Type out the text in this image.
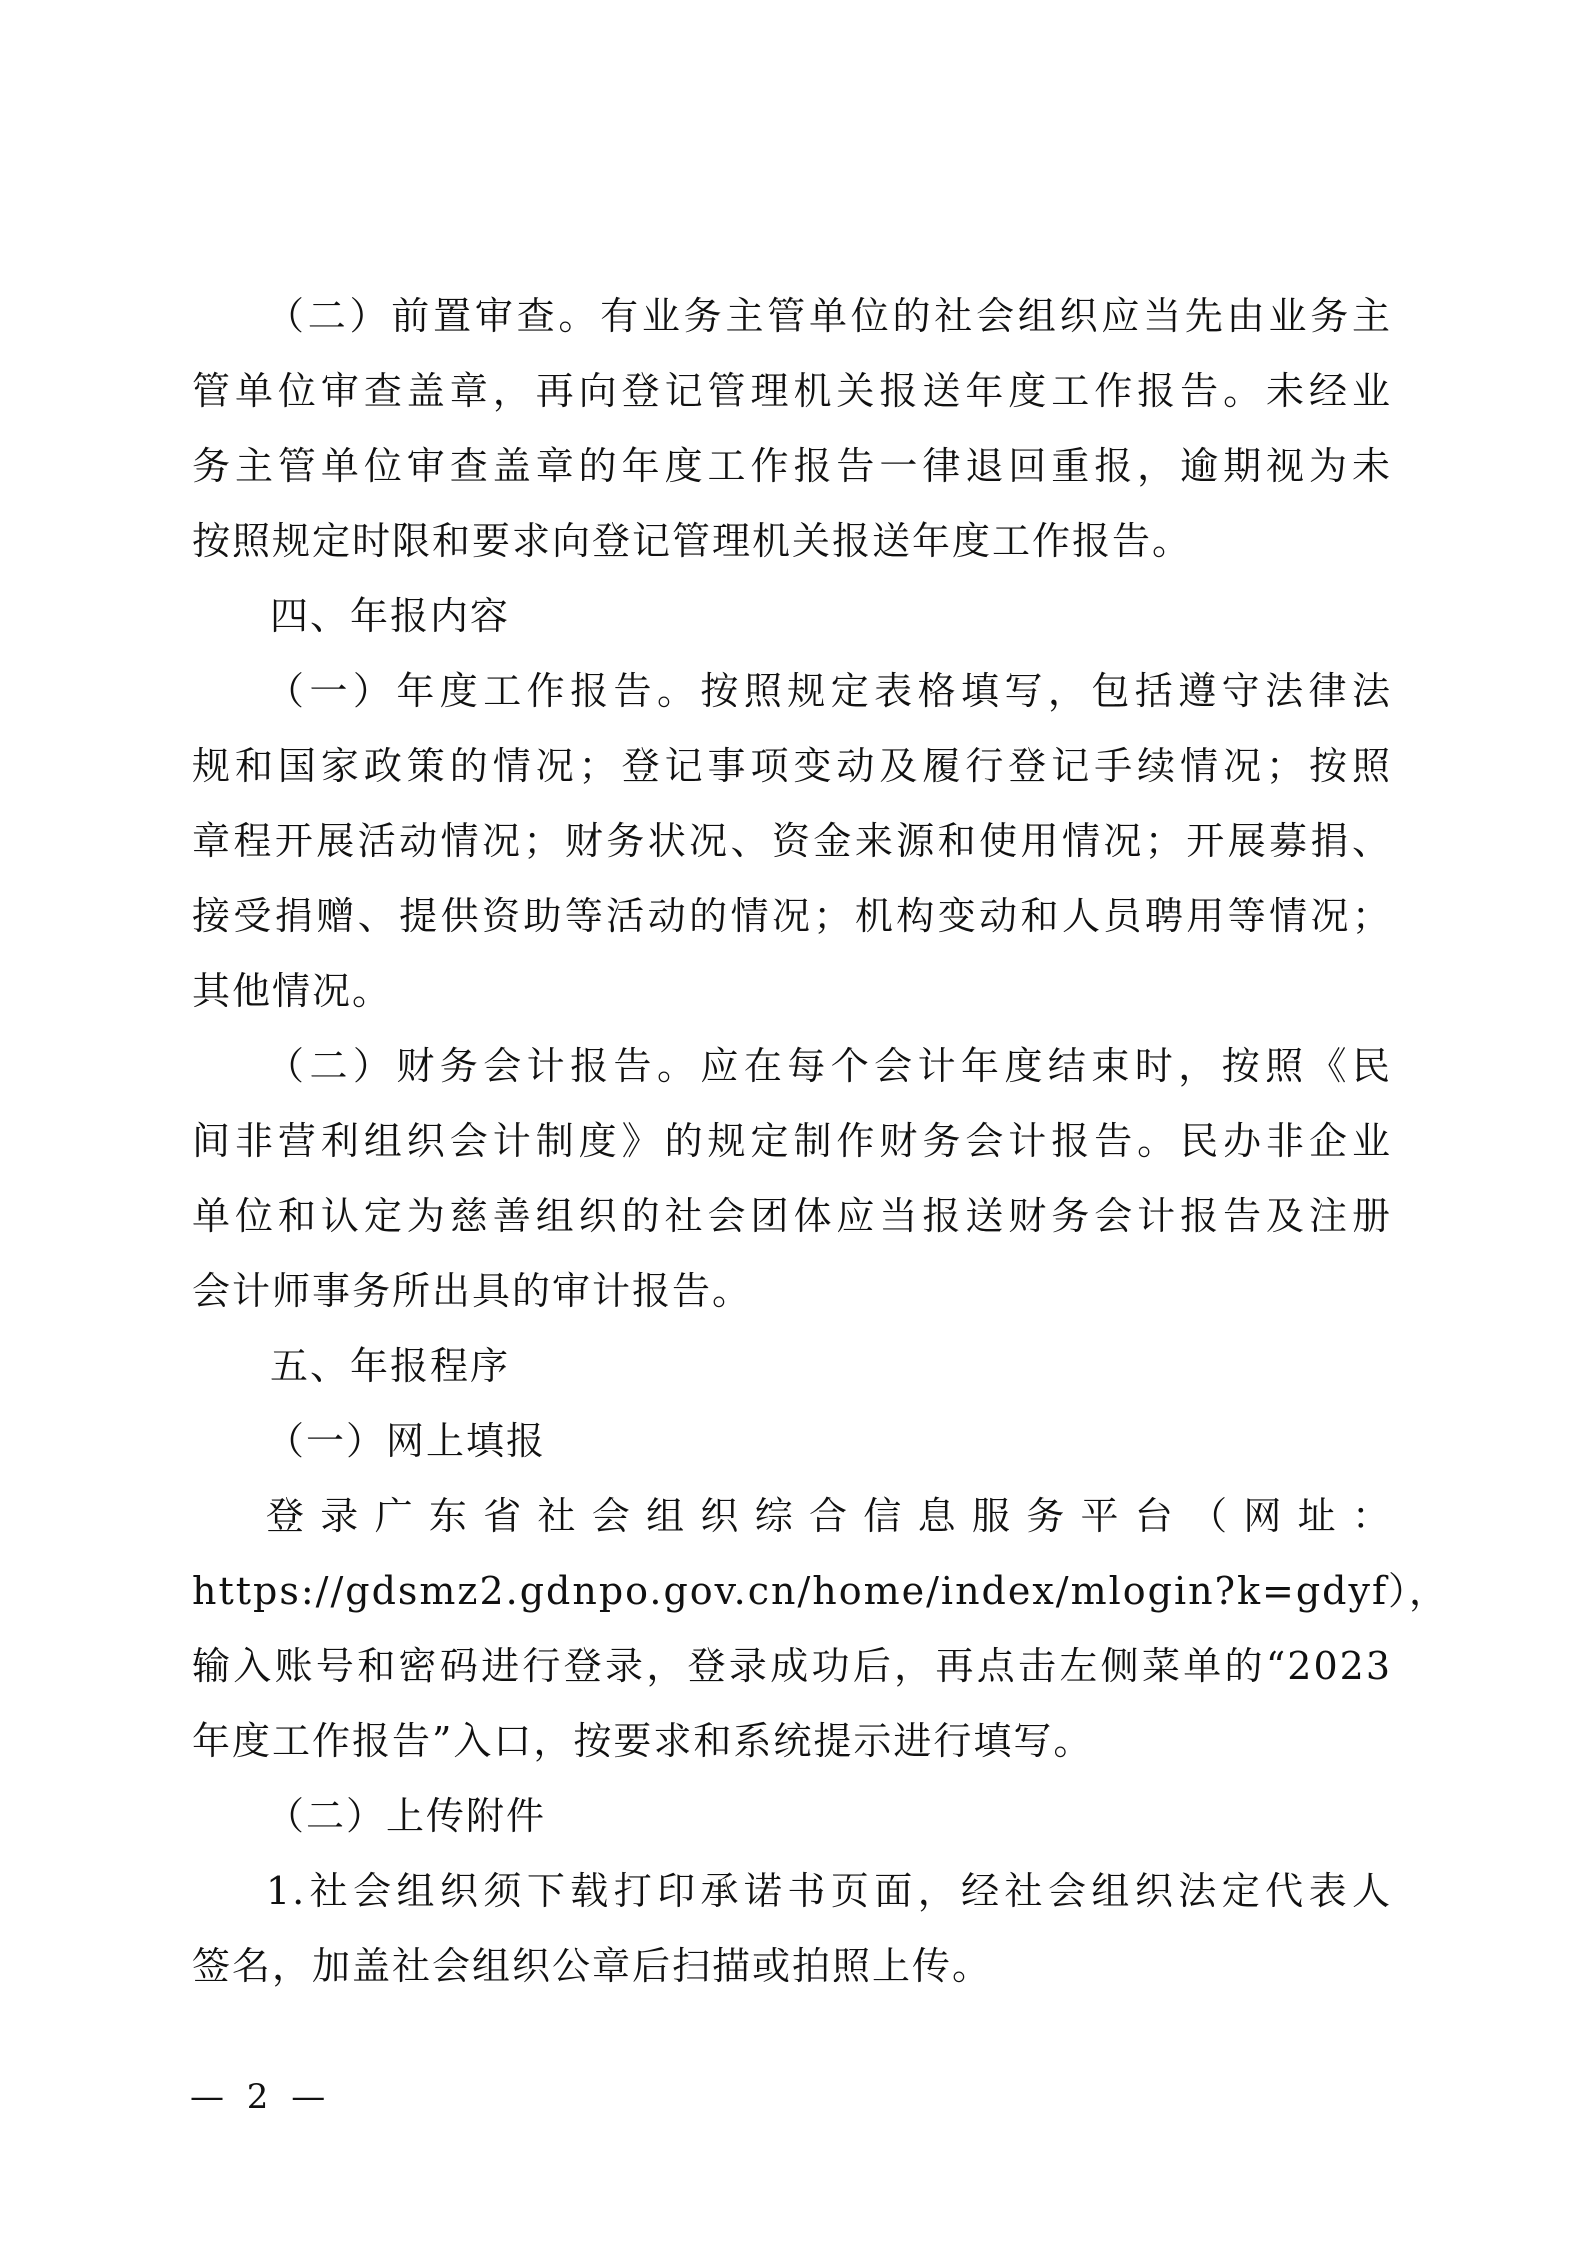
（二）前置审查。有业务主管单位的社会组织应当先由业务主

管单位审查盖章，再向登记管理机关报送年度工作报告。未经业

务主管单位审查盖章的年度工作报告一律退回重报，逾期视为未

按照规定时限和要求向登记管理机关报送年度工作报告。

四、年报内容

（一）年度工作报告。按照规定表格填写，包括遵守法律法

规和国家政策的情况；登记事项变动及履行登记手续情况；按照

章程开展活动情况；财务状况、资金来源和使用情况；开展募捐、

接受捐赠、提供资助等活动的情况；机构变动和人员聘用等情况；

其他情况。

（二）财务会计报告。应在每个会计年度结束时，按照《民

间非营利组织会计制度》的规定制作财务会计报告。民办非企业

单位和认定为慈善组织的社会团体应当报送财务会计报告及注册

会计师事务所出具的审计报告。

五、年报程序

（一）网上填报

登录广东省社会组织综合信息服务平台（网址：

https://gdsmz2.gdnpo.gov.cn/home/index/mlogin?k=gdyf），

输入账号和密码进行登录，登录成功后，再点击左侧菜单的“2023

年度工作报告”入口，按要求和系统提示进行填写。

（二）上传附件

1.社会组织须下载打印承诺书页面，经社会组织法定代表人

签名，加盖社会组织公章后扫描或拍照上传。

— 2 —
